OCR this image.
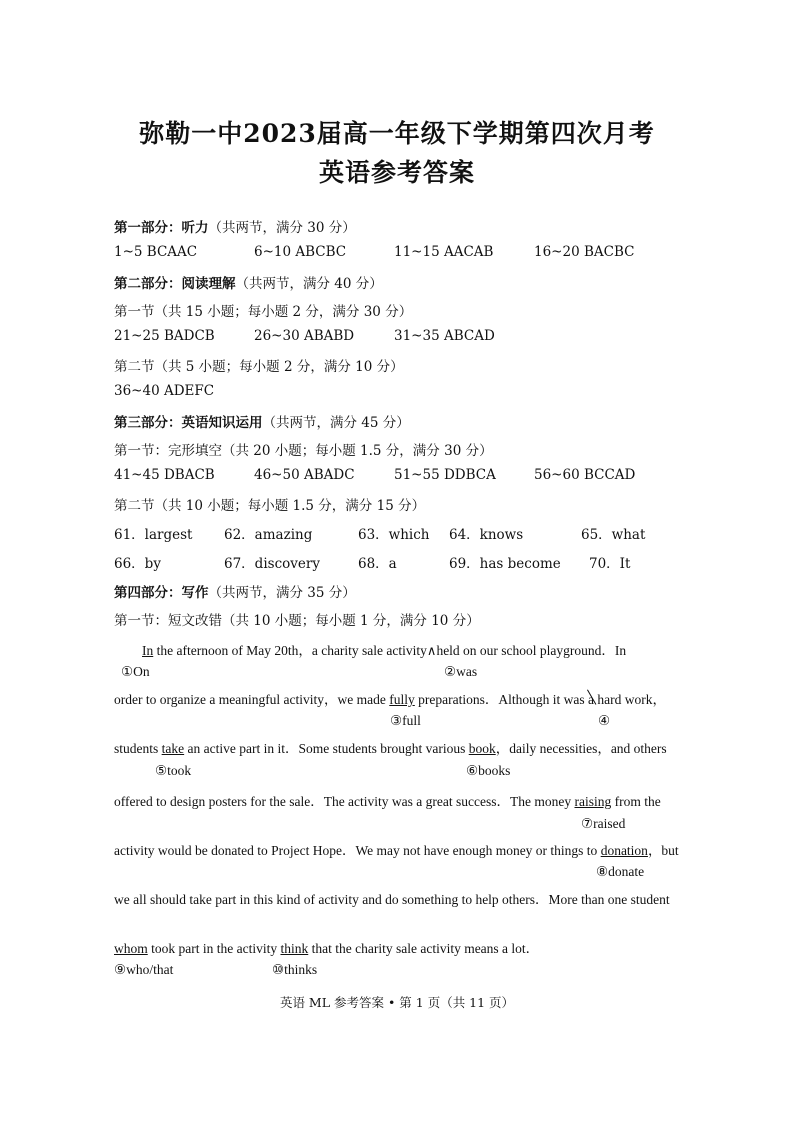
弥勒一中2023届高一年级下学期第四次月考
英语参考答案
第一部分：听力（共两节，满分 30 分）
1~5 BCAAC	6~10 ABCBC	11~15 AACAB	16~20 BACBC
第二部分：阅读理解（共两节，满分 40 分）
第一节（共 15 小题；每小题 2 分，满分 30 分）
21~25 BADCB	26~30 ABABD	31~35 ABCAD
第二节（共 5 小题；每小题 2 分，满分 10 分）
36~40 ADEFC
第三部分：英语知识运用（共两节，满分 45 分）
第一节：完形填空（共 20 小题；每小题 1.5 分，满分 30 分）
41~45 DBACB	46~50 ABADC	51~55 DDBCA	56~60 BCCAD
第二节（共 10 小题；每小题 1.5 分，满分 15 分）
61．largest 62．amazing	63．which 64．knows	65．what
66．by	67．discovery	68．a	69．has become 70．It
第四部分：写作（共两节，满分 35 分）
第一节：短文改错（共 10 小题；每小题 1 分，满分 10 分）
In the afternoon of May 20th，a charity sale activity∧held on our school playground．In
①On	②was
order to organize a meaningful activity，we made fully preparations．Although it was a hard work，
③full	④
students take an active part in it．Some students brought various book，daily necessities，and others
⑤took	⑥books
offered to design posters for the sale．The activity was a great success．The money raising from the
⑦raised
activity would be donated to Project Hope．We may not have enough money or things to donation，but
⑧donate
we all should take part in this kind of activity and do something to help others．More than one student
whom took part in the activity think that the charity sale activity means a lot．
⑨who/that	⑩thinks
英语 ML 参考答案 • 第 1 页（共 11 页）
